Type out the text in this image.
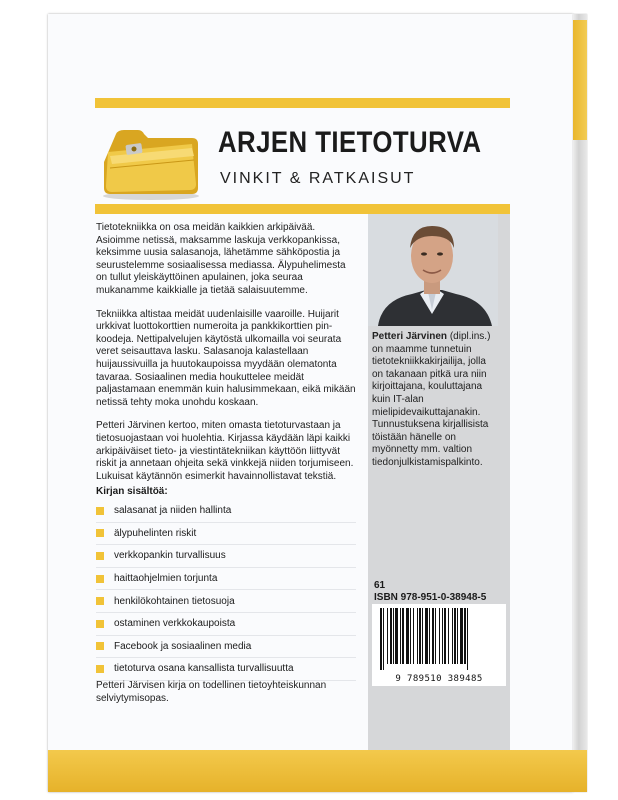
ARJEN TIETOTURVA
VINKIT & RATKAISUT

Tietotekniikka on osa meidän kaikkien arkipäivää. Asioimme netissä, maksamme laskuja verkkopankissa, keksimme uusia salasanoja, lähetämme sähköpostia ja seurustelemme sosiaalisessa mediassa. Älypuhelimesta on tullut yleiskäyttöinen apulainen, joka seuraa mukanamme kaikkialle ja tietää salaisuutemme.

Tekniikka altistaa meidät uudenlaisille vaaroille. Huijarit urkkivat luottokorttien numeroita ja pankkikorttien pin-koodeja. Nettipalvelujen käytöstä ulkomailla voi seurata veret seisauttava lasku. Salasanoja kalastellaan huijaussivuilla ja huutokaupoissa myydään olematonta tavaraa. Sosiaalinen media houkuttelee meidät paljastamaan enemmän kuin halusimmekaan, eikä mikään netissä tehty moka unohdu koskaan.

Petteri Järvinen kertoo, miten omasta tietoturvastaan ja tietosuojastaan voi huolehtia. Kirjassa käydään läpi kaikki arkipäiväiset tieto- ja viestintätekniikan käyttöön liittyvät riskit ja annetaan ohjeita sekä vinkkejä niiden torjumiseen. Lukuisat käytännön esimerkit havainnollistavat tekstiä.

Kirjan sisältöä:
salasanat ja niiden hallinta
älypuhelinten riskit
verkkopankin turvallisuus
haittaohjelmien torjunta
henkilökohtainen tietosuoja
ostaminen verkkokaupoista
Facebook ja sosiaalinen media
tietoturva osana kansallista turvallisuutta
Petteri Järvisen kirja on todellinen tietoyhteiskunnan selviytymisopas.
Petteri Järvinen (dipl.ins.) on maamme tunnetuin tietotekniikkakirjailija, jolla on takanaan pitkä ura niin kirjoittajana, kouluttajana kuin IT-alan mielipidevaikuttajanakin. Tunnustuksena kirjallisista töistään hänelle on myönnetty mm. valtion tiedonjulkistamispalkinto.
61
ISBN 978-951-0-38948-5
9 789510 389485
